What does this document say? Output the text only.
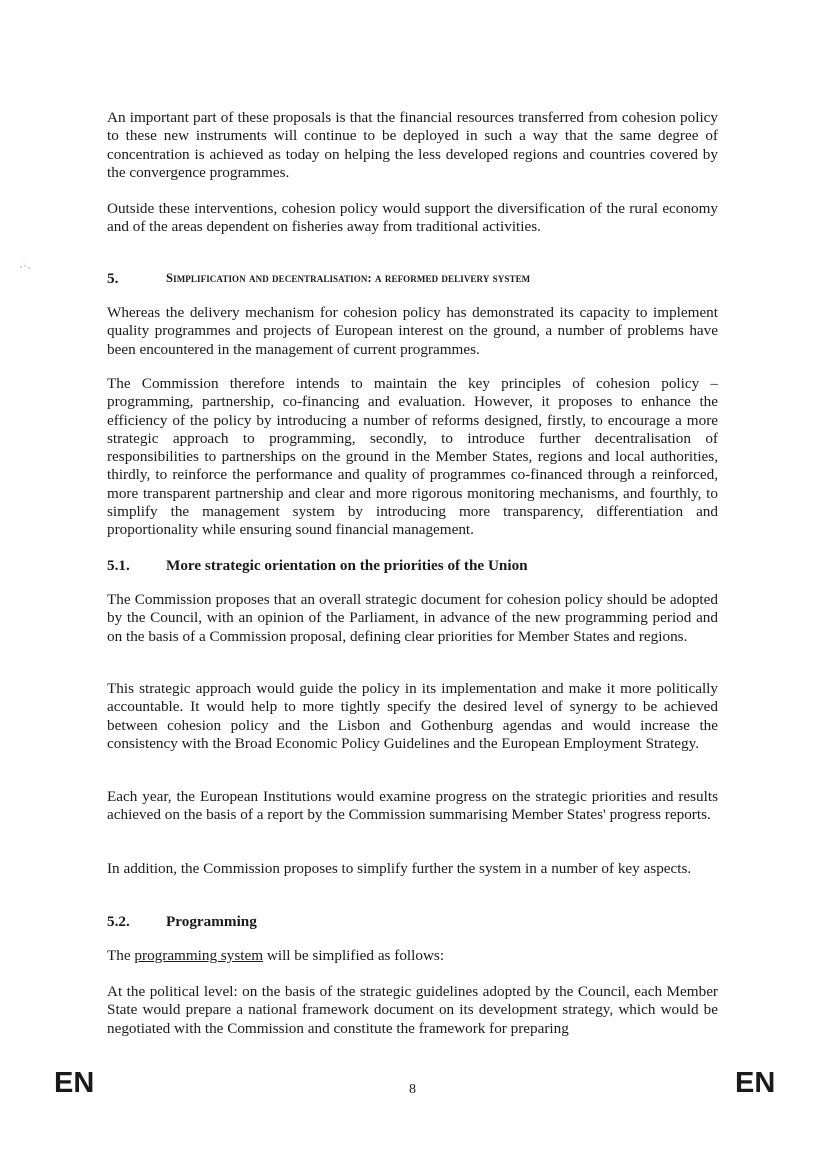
An important part of these proposals is that the financial resources transferred from cohesion policy to these new instruments will continue to be deployed in such a way that the same degree of concentration is achieved as today on helping the less developed regions and countries covered by the convergence programmes.

Outside these interventions, cohesion policy would support the diversification of the rural economy and of the areas dependent on fisheries away from traditional activities.

5.	Simplification and decentralisation: a reformed delivery system

Whereas the delivery mechanism for cohesion policy has demonstrated its capacity to implement quality programmes and projects of European interest on the ground, a number of problems have been encountered in the management of current programmes.

The Commission therefore intends to maintain the key principles of cohesion policy – programming, partnership, co-financing and evaluation. However, it proposes to enhance the efficiency of the policy by introducing a number of reforms designed, firstly, to encourage a more strategic approach to programming, secondly, to introduce further decentralisation of responsibilities to partnerships on the ground in the Member States, regions and local authorities, thirdly, to reinforce the performance and quality of programmes co-financed through a reinforced, more transparent partnership and clear and more rigorous monitoring mechanisms, and fourthly, to simplify the management system by introducing more transparency, differentiation and proportionality while ensuring sound financial management.

5.1. More strategic orientation on the priorities of the Union

The Commission proposes that an overall strategic document for cohesion policy should be adopted by the Council, with an opinion of the Parliament, in advance of the new programming period and on the basis of a Commission proposal, defining clear priorities for Member States and regions.

This strategic approach would guide the policy in its implementation and make it more politically accountable. It would help to more tightly specify the desired level of synergy to be achieved between cohesion policy and the Lisbon and Gothenburg agendas and would increase the consistency with the Broad Economic Policy Guidelines and the European Employment Strategy.

Each year, the European Institutions would examine progress on the strategic priorities and results achieved on the basis of a report by the Commission summarising Member States' progress reports.

In addition, the Commission proposes to simplify further the system in a number of key aspects.

5.2. Programming

The programming system will be simplified as follows:

At the political level: on the basis of the strategic guidelines adopted by the Council, each Member State would prepare a national framework document on its development strategy, which would be negotiated with the Commission and constitute the framework for preparing

EN	8	EN
